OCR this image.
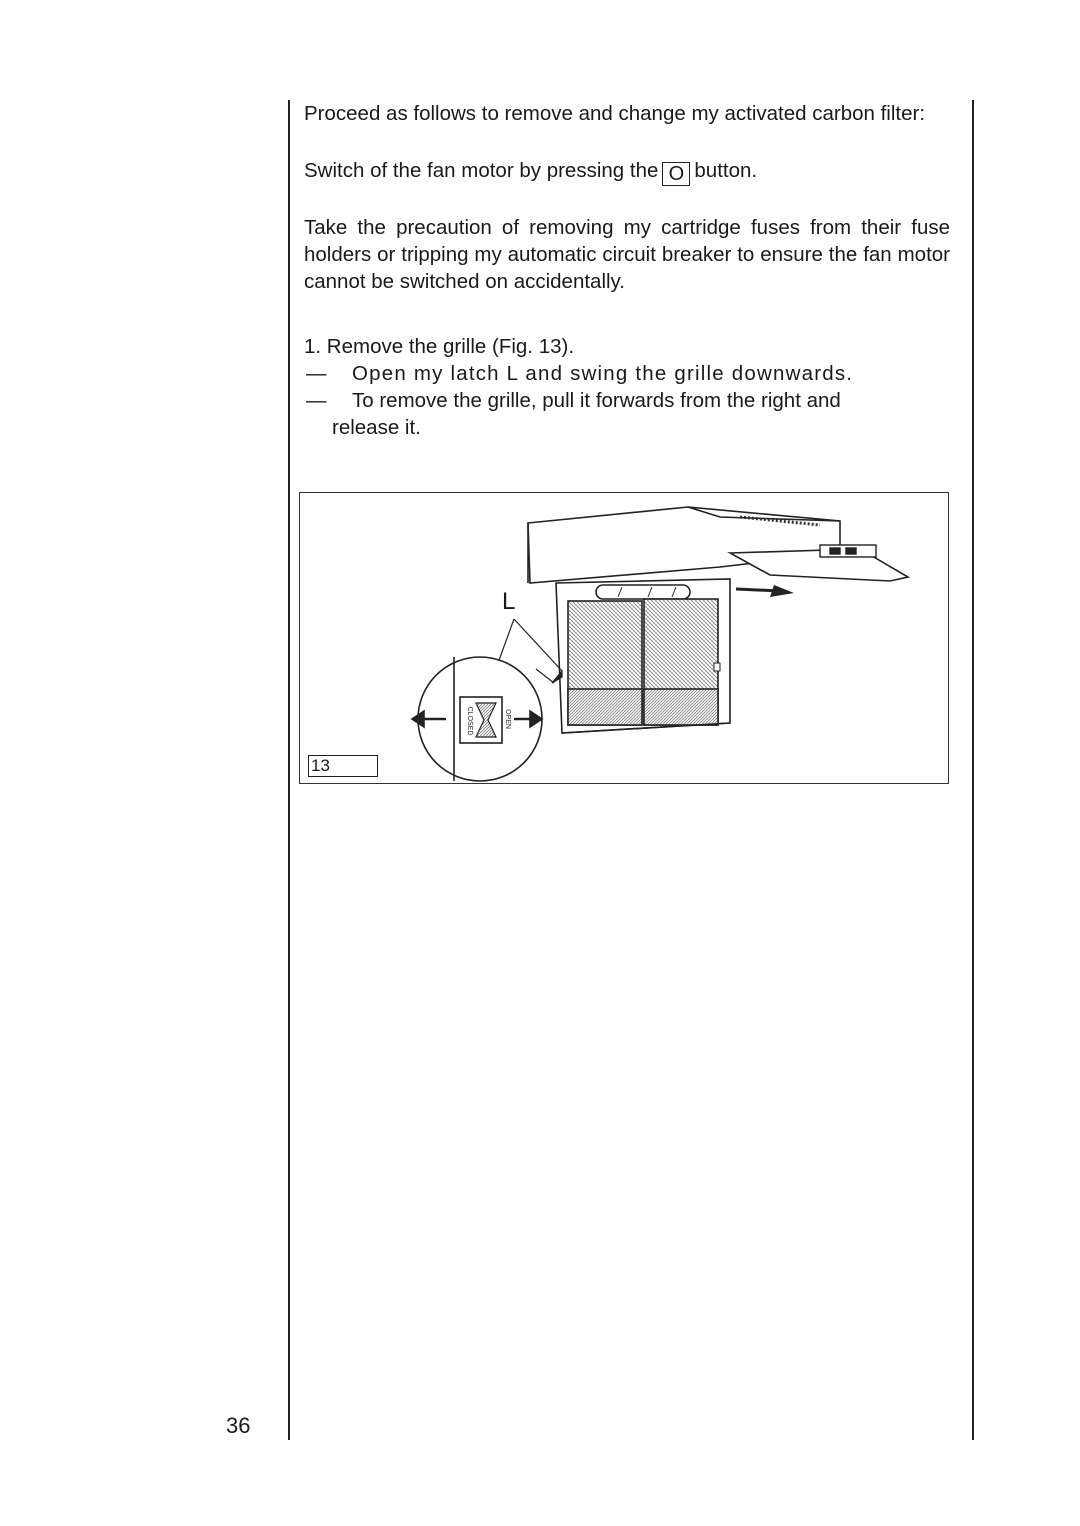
Proceed as follows to remove and change my activated carbon filter:

Switch of the fan motor by pressing the O button.

Take the precaution of removing my cartridge fuses from their fuse holders or tripping my automatic circuit breaker to ensure the fan motor cannot be switched on accidentally.

1. Remove the grille (Fig. 13).

—	Open my latch L and swing the grille downwards.
—	To remove the grille, pull it forwards from the right and
release it.
CLOSED	OPEN
L
13
36
